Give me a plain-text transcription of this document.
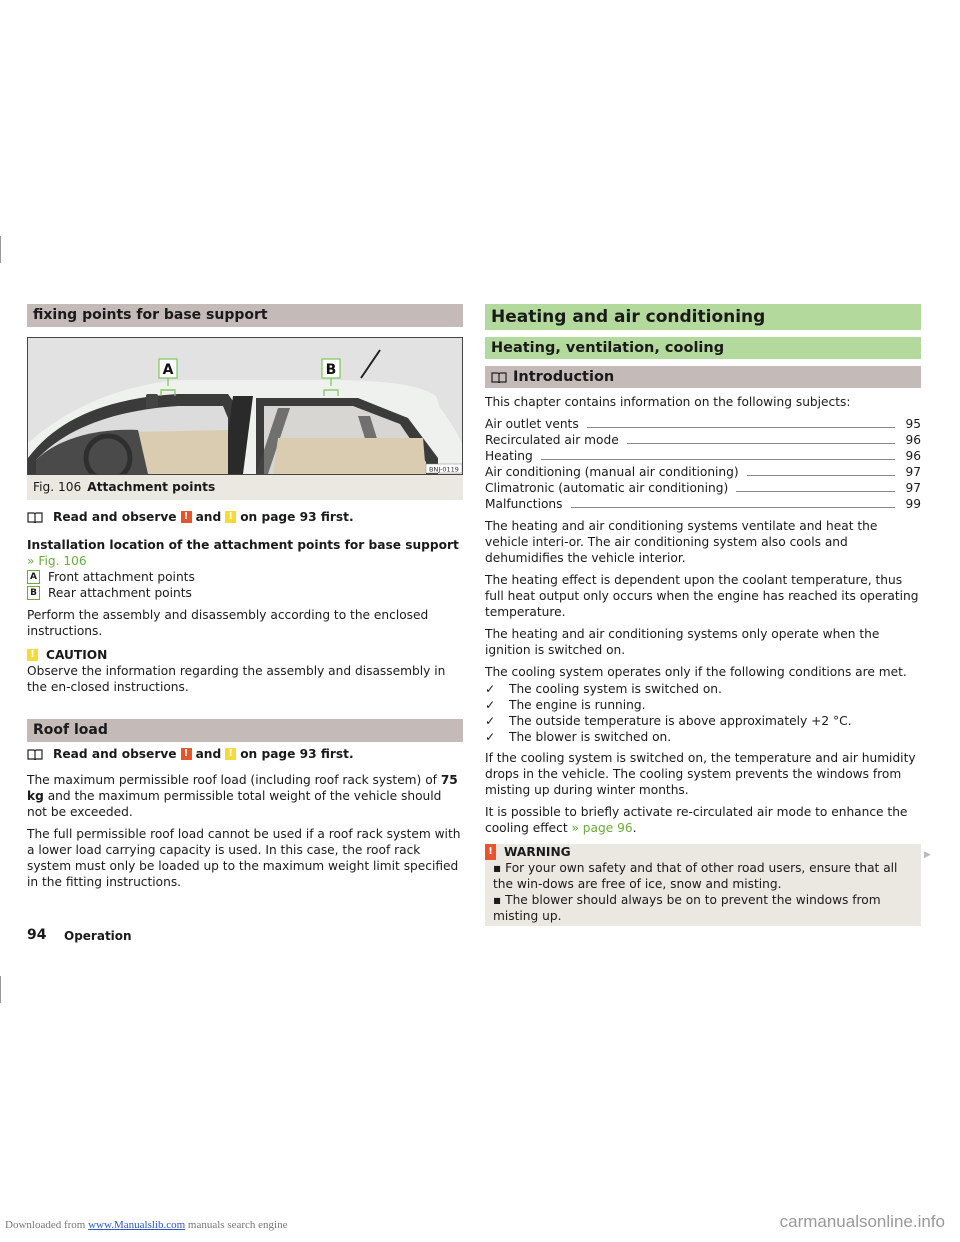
fixing points for base support
A	B
BNJ-0119
Fig. 106 Attachment points
Read and observe ! and ! on page 93 first.
Installation location of the attachment points for base support » Fig. 106
A Front attachment points
B Rear attachment points

Perform the assembly and disassembly according to the enclosed instructions.

! CAUTION

Observe the information regarding the assembly and disassembly in the en-closed instructions.

Roof load
Read and observe ! and ! on page 93 first.

The maximum permissible roof load (including roof rack system) of 75 kg and the maximum permissible total weight of the vehicle should not be exceeded.

The full permissible roof load cannot be used if a roof rack system with a lower load carrying capacity is used. In this case, the roof rack system must only be loaded up to the maximum weight limit specified in the fitting instructions.

Heating and air conditioning
Heating, ventilation, cooling
Introduction

This chapter contains information on the following subjects:

Air outlet vents	95
Recirculated air mode	96
Heating	96
Air conditioning (manual air conditioning)	97
Climatronic (automatic air conditioning)	97
Malfunctions	99

The heating and air conditioning systems ventilate and heat the vehicle interi-or. The air conditioning system also cools and dehumidifies the vehicle interior.

The heating effect is dependent upon the coolant temperature, thus full heat output only occurs when the engine has reached its operating temperature.

The heating and air conditioning systems only operate when the ignition is switched on.

The cooling system operates only if the following conditions are met.

✓ The cooling system is switched on.
✓ The engine is running.
✓ The outside temperature is above approximately +2 °C.
✓ The blower is switched on.

If the cooling system is switched on, the temperature and air humidity drops in the vehicle. The cooling system prevents the windows from misting up during winter months.

It is possible to briefly activate re-circulated air mode to enhance the cooling effect » page 96.

! WARNING
▪ For your own safety and that of other road users, ensure that all the win-dows are free of ice, snow and misting.
▪ The blower should always be on to prevent the windows from misting up.
▶
94 Operation
Downloaded from www.Manualslib.com manuals search engine	carmanualsonline.info
